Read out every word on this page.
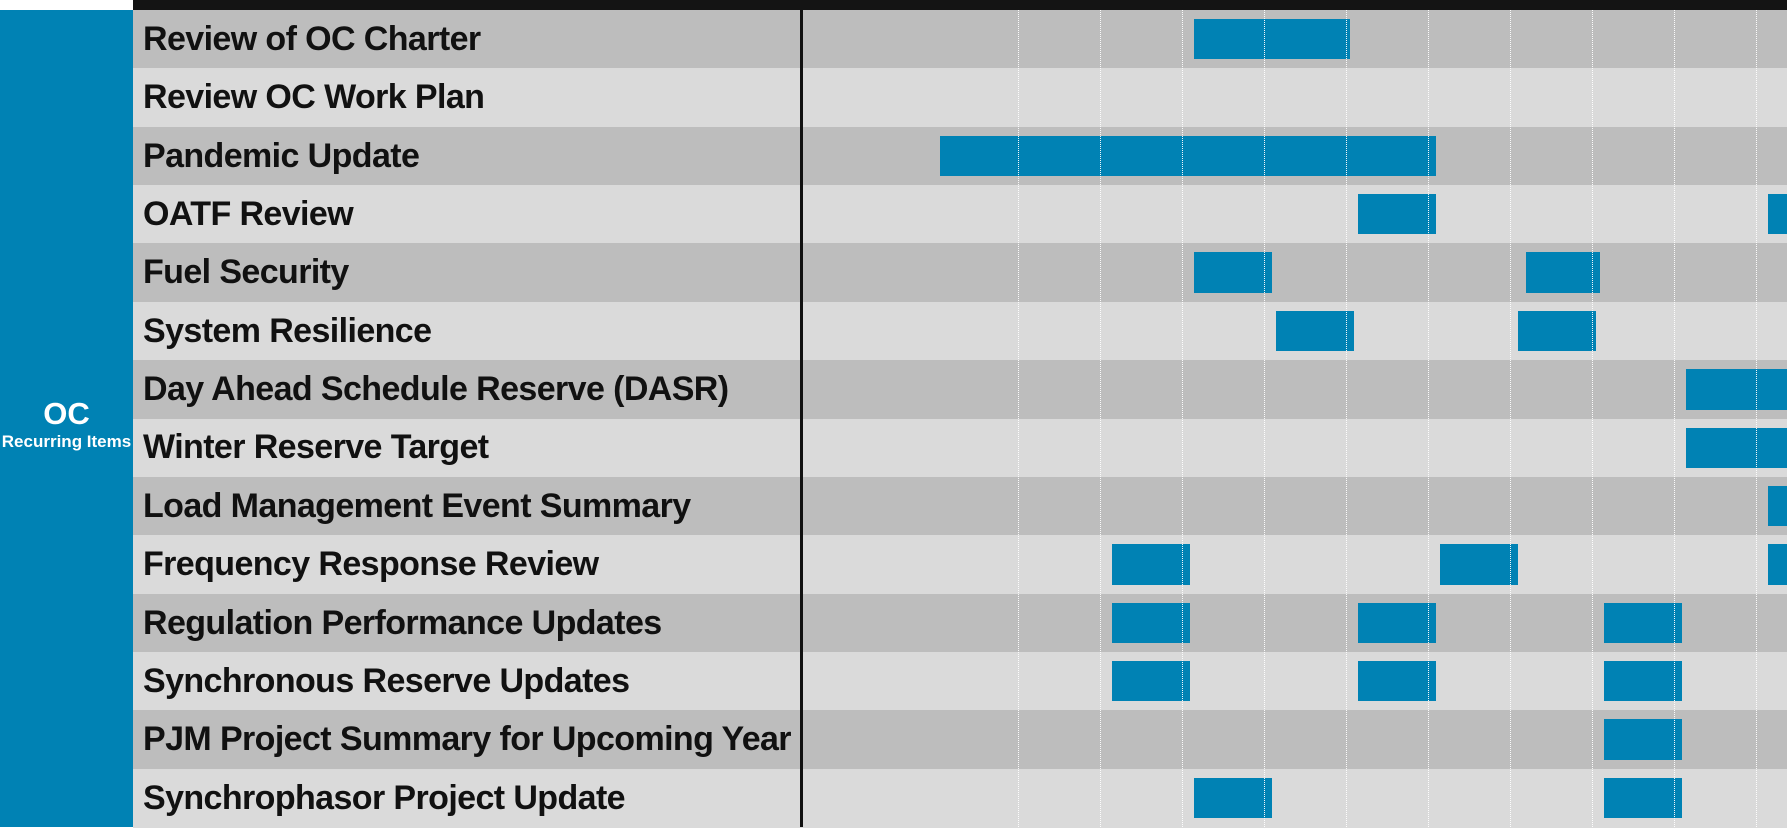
OC
Recurring Items
Review of OC Charter
Review OC Work Plan
Pandemic Update
OATF Review
Fuel Security
System Resilience
Day Ahead Schedule Reserve (DASR)
Winter Reserve Target
Load Management Event Summary
Frequency Response Review
Regulation Performance Updates
Synchronous Reserve Updates
PJM Project Summary for Upcoming Year
Synchrophasor Project Update
